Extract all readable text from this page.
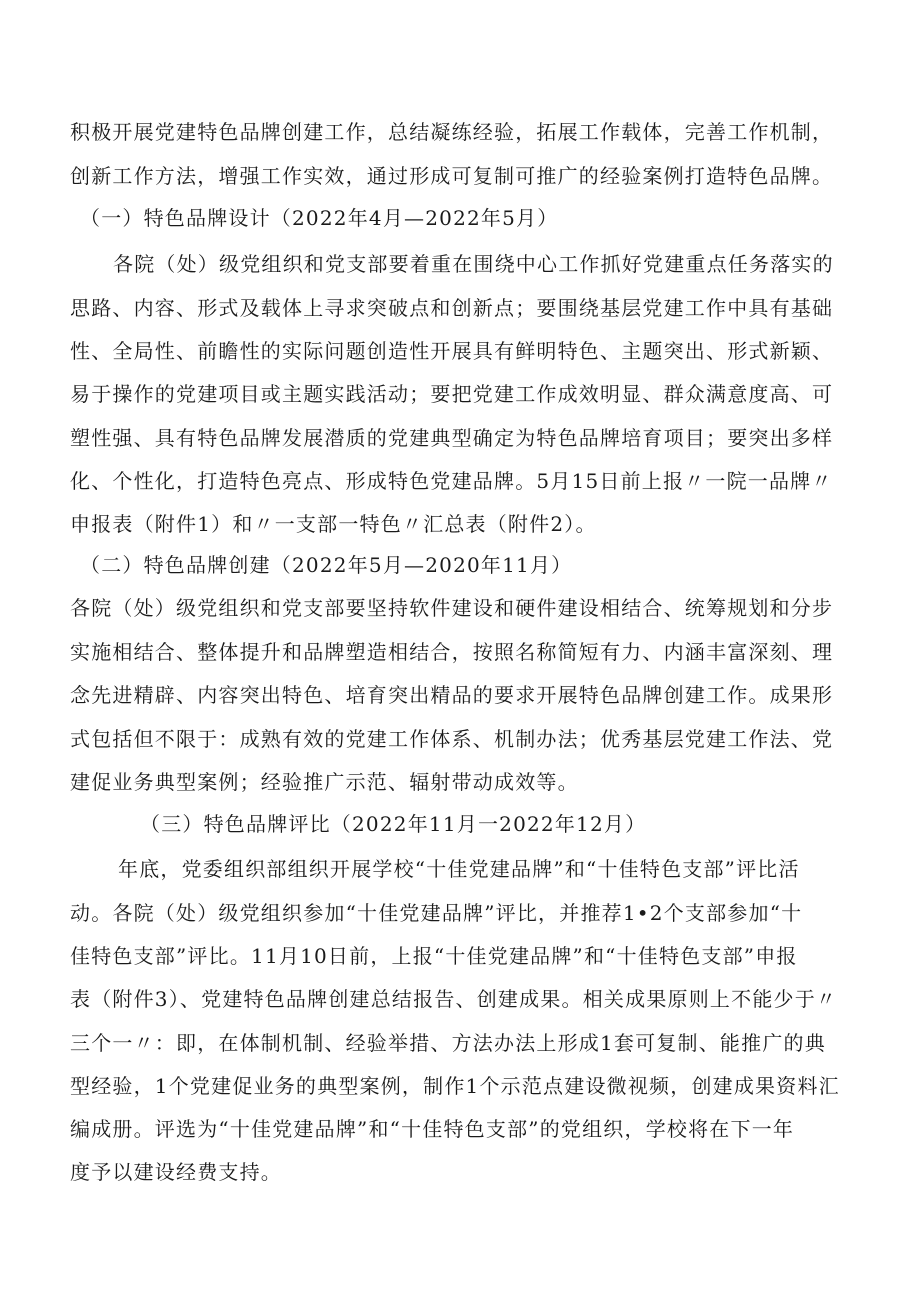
积极开展党建特色品牌创建工作，总结凝练经验，拓展工作载体，完善工作机制，
创新工作方法，增强工作实效，通过形成可复制可推广的经验案例打造特色品牌。
（一）特色品牌设计（2022年4月—2022年5月）
各院（处）级党组织和党支部要着重在围绕中心工作抓好党建重点任务落实的
思路、内容、形式及载体上寻求突破点和创新点；要围绕基层党建工作中具有基础
性、全局性、前瞻性的实际问题创造性开展具有鲜明特色、主题突出、形式新颖、
易于操作的党建项目或主题实践活动；要把党建工作成效明显、群众满意度高、可
塑性强、具有特色品牌发展潜质的党建典型确定为特色品牌培育项目；要突出多样
化、个性化，打造特色亮点、形成特色党建品牌。5月15日前上报〃一院一品牌〃
申报表（附件1）和〃一支部一特色〃汇总表（附件2）。
（二）特色品牌创建（2022年5月—2020年11月）
各院（处）级党组织和党支部要坚持软件建设和硬件建设相结合、统筹规划和分步
实施相结合、整体提升和品牌塑造相结合，按照名称简短有力、内涵丰富深刻、理
念先进精辟、内容突出特色、培育突出精品的要求开展特色品牌创建工作。成果形
式包括但不限于：成熟有效的党建工作体系、机制办法；优秀基层党建工作法、党
建促业务典型案例；经验推广示范、辐射带动成效等。
（三）特色品牌评比（2022年11月一2022年12月）
年底，党委组织部组织开展学校“十佳党建品牌”和“十佳特色支部”评比活
动。各院（处）级党组织参加“十佳党建品牌”评比，并推荐1•2个支部参加“十
佳特色支部”评比。11月10日前，上报“十佳党建品牌”和“十佳特色支部”申报
表（附件3）、党建特色品牌创建总结报告、创建成果。相关成果原则上不能少于〃
三个一〃：即，在体制机制、经验举措、方法办法上形成1套可复制、能推广的典
型经验，1个党建促业务的典型案例，制作1个示范点建设微视频，创建成果资料汇
编成册。评选为“十佳党建品牌”和“十佳特色支部”的党组织，学校将在下一年
度予以建设经费支持。
